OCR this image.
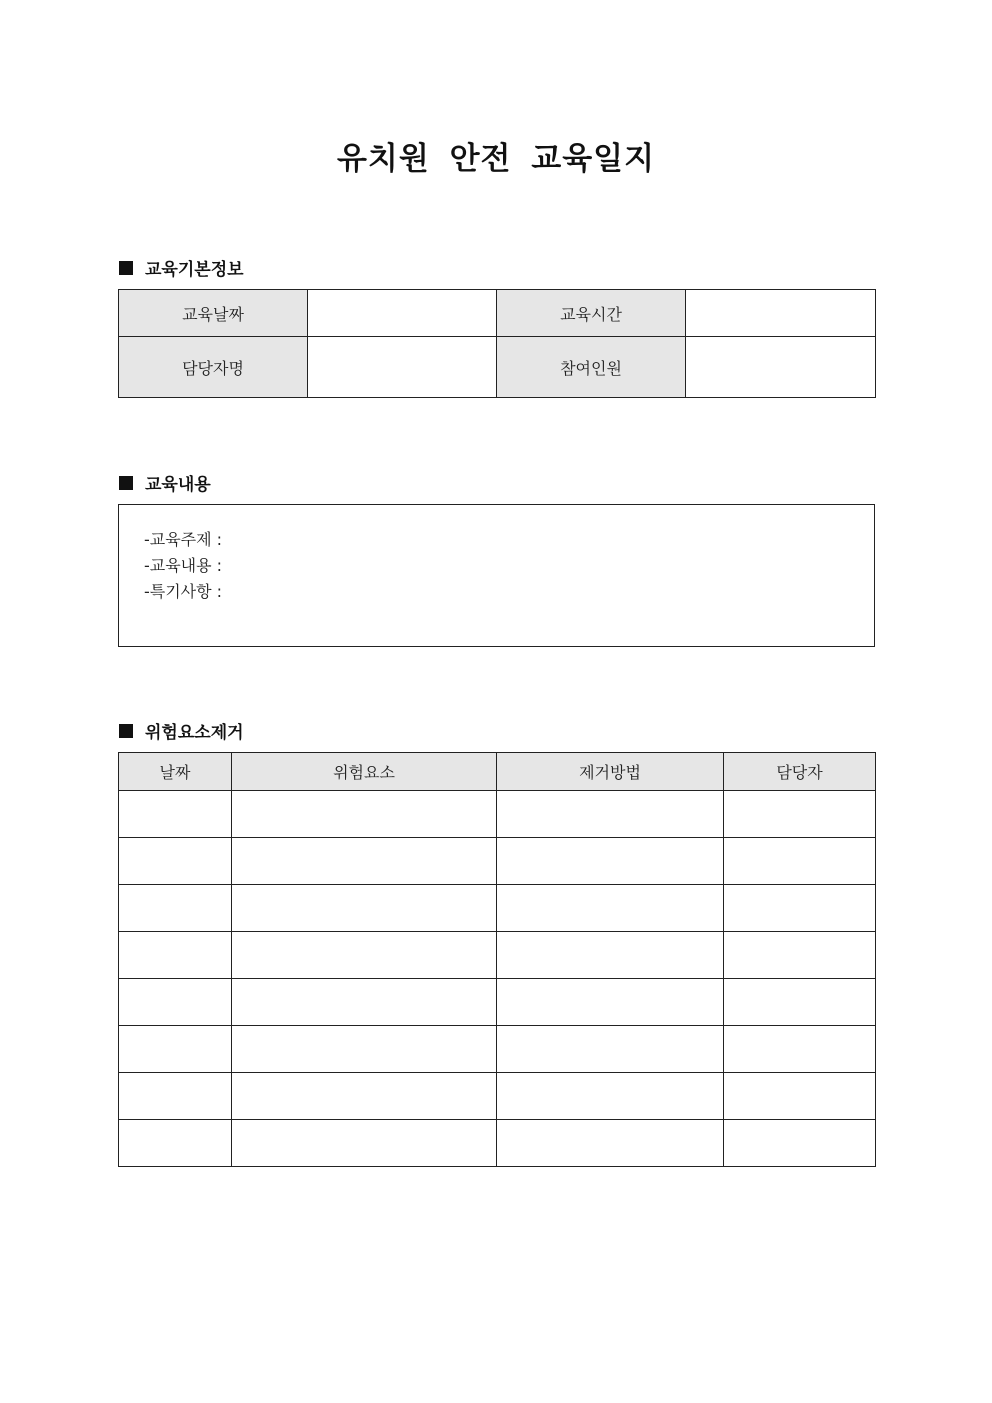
유치원 안전 교육일지
교육기본정보
교육날짜		교육시간	
담당자명		참여인원	
교육내용
-교육주제 :
-교육내용 :
-특기사항 :
위험요소제거
날짜	위험요소	제거방법	담당자
